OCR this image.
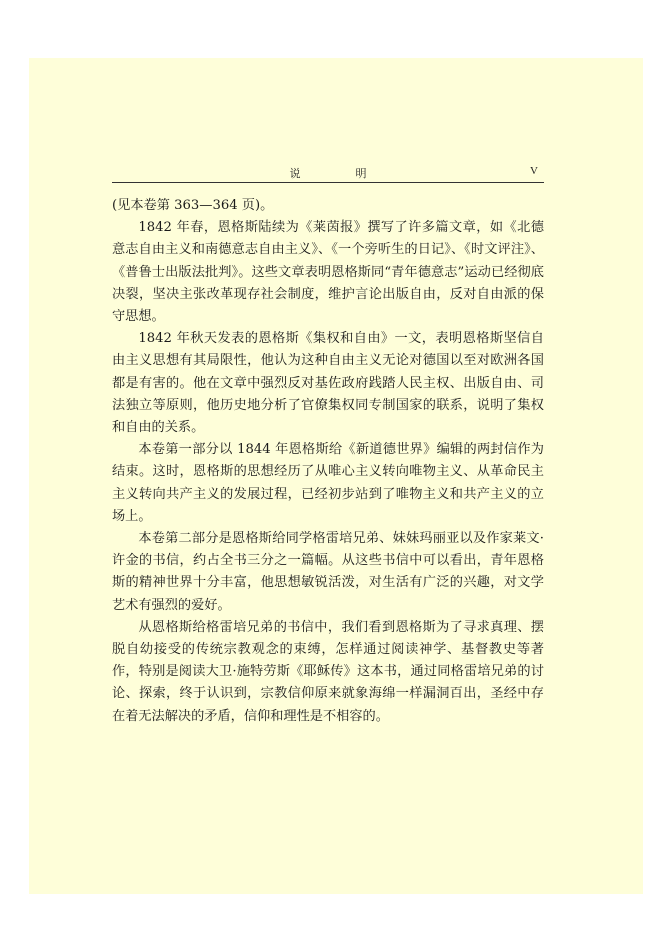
说　明	V

(见本卷第 363—364 页)。

1842 年春，恩格斯陆续为《莱茵报》撰写了许多篇文章，如《北德意志自由主义和南德意志自由主义》、《一个旁听生的日记》、《时文评注》、《普鲁士出版法批判》。这些文章表明恩格斯同“青年德意志”运动已经彻底决裂，坚决主张改革现存社会制度，维护言论出版自由，反对自由派的保守思想。

1842 年秋天发表的恩格斯《集权和自由》一文，表明恩格斯坚信自由主义思想有其局限性，他认为这种自由主义无论对德国以至对欧洲各国都是有害的。他在文章中强烈反对基佐政府践踏人民主权、出版自由、司法独立等原则，他历史地分析了官僚集权同专制国家的联系，说明了集权和自由的关系。

本卷第一部分以 1844 年恩格斯给《新道德世界》编辑的两封信作为结束。这时，恩格斯的思想经历了从唯心主义转向唯物主义、从革命民主主义转向共产主义的发展过程，已经初步站到了唯物主义和共产主义的立场上。

本卷第二部分是恩格斯给同学格雷培兄弟、妹妹玛丽亚以及作家莱文·许金的书信，约占全书三分之一篇幅。从这些书信中可以看出，青年恩格斯的精神世界十分丰富，他思想敏锐活泼，对生活有广泛的兴趣，对文学艺术有强烈的爱好。

从恩格斯给格雷培兄弟的书信中，我们看到恩格斯为了寻求真理、摆脱自幼接受的传统宗教观念的束缚，怎样通过阅读神学、基督教史等著作，特别是阅读大卫·施特劳斯《耶稣传》这本书，通过同格雷培兄弟的讨论、探索，终于认识到，宗教信仰原来就象海绵一样漏洞百出，圣经中存在着无法解决的矛盾，信仰和理性是不相容的。
